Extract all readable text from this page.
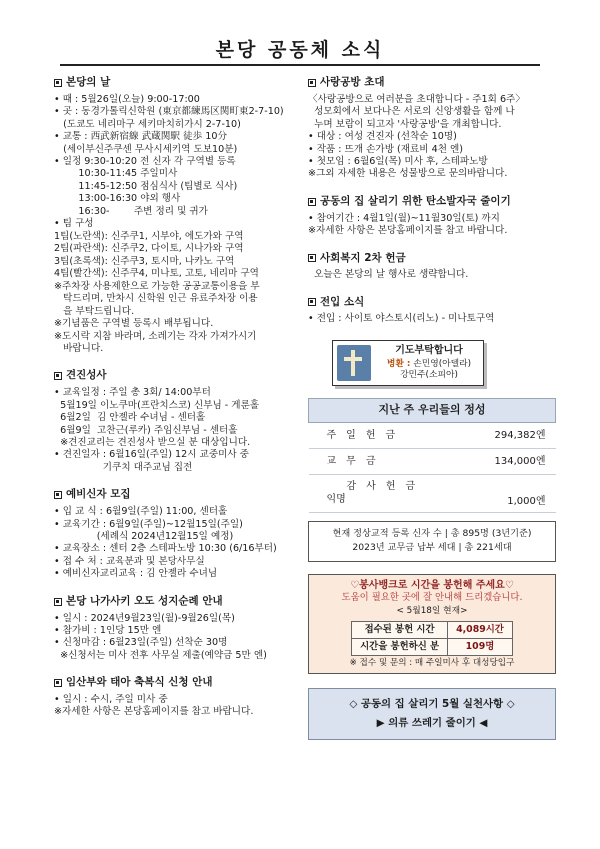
본당 공동체 소식
본당의 날
• 때 : 5월26일(오늘) 9:00-17:00
• 곳 : 동경가톨릭신학원 (東京都練馬区関町東2-7-10)
(도쿄도 네리마구 세키마치히가시 2-7-10)
• 교통 : 西武新宿線 武蔵関駅 徒歩 10分
(세이부신주쿠센 무사시세키역 도보10분)
• 일정 9:30-10:20 전 신자 각 구역별 등록
10:30-11:45 주일미사
11:45-12:50 점심식사 (팀별로 식사)
13:00-16:30 야외 행사
16:30-        주변 정리 및 귀가
• 팀 구성
1팀(노란색): 신주쿠1, 시부야, 에도가와 구역
2팀(파란색): 신주쿠2, 다이토, 시나가와 구역
3팀(초록색): 신주쿠3, 토시마, 나카노 구역
4팀(빨간색): 신주쿠4, 미나토, 고토, 네리마 구역
※주차장 사용제한으로 가능한 공공교통이용을 부
탁드리며, 만차시 신학원 인근 유료주차장 이용
을 부탁드립니다.
※기념품은 구역별 등록시 배부됩니다.
※도시락 지참 바라며, 소레기는 각자 가져가시기
바랍니다.
견진성사
• 교육일정 : 주일 총 3회/ 14:00부터
5월19일 이노쿠마(프란치스코) 신부님 - 게룬홀
6월2일  김 안젤라 수녀님 - 센터홀
6월9일  고찬근(루카) 주임신부님 - 센터홀
※견진교리는 견진성사 받으실 분 대상입니다.
• 견진일자 : 6월16일(주일) 12시 교중미사 중
기쿠치 대주교님 집전
예비신자 모집
• 입 교 식 : 6월9일(주일) 11:00, 센터홀
• 교육기간 : 6월9일(주일)~12월15일(주일)
(세례식 2024년12월15일 예정)
• 교육장소 : 센터 2층 스테파노방 10:30 (6/16부터)
• 접 수 처 : 교육분과 및 본당사무실
• 예비신자교리교육 : 김 안젤라 수녀님
본당 나가사키 오도 성지순례 안내
• 일시 : 2024년9월23일(월)-9월26일(목)
• 참가비 : 1인당 15만 엔
• 신청마감 : 6월23일(주일) 선착순 30명
※신청서는 미사 전후 사무실 제출(예약금 5만 엔)
임산부와 태아 축복식 신청 안내
• 일시 : 수시, 주일 미사 중
※자세한 사항은 본당홈페이지를 참고 바랍니다.
사랑공방 초대
〈사랑공방으로 여러분을 초대합니다 - 주1회 6주〉
성모회에서 보다나은 서로의 신앙생활을 함께 나
누며 보람이 되고자 '사랑공방'을 개최합니다.
• 대상 : 여성 견진자 (선착순 10명)
• 작품 : 뜨개 손가방 (재료비 4천 엔)
• 첫모임 : 6월6일(목) 미사 후, 스테파노방
※그외 자세한 내용은 성물방으로 문의바랍니다.
공동의 집 살리기 위한 탄소발자국 줄이기
• 참여기간 : 4월1일(월)~11월30일(토) 까지
※자세한 사항은 본당홈페이지를 참고 바랍니다.
사회복지 2차 헌금
오늘은 본당의 날 행사로 생략합니다.
전입 소식
• 전입 : 사이토 야스토시(리노) - 미나토구역
기도부탁합니다
병환 : 손민영(아델라)
강민주(소피아)
지난 주 우리들의 정성	
주일헌금	294,382엔
교무금	134,000엔

감사헌금
익명	1,000엔
현재 정상교적 등록 신자 수 | 총 895명 (3년기준)
2023년 교무금 납부 세대 | 총 221세대
♡봉사뱅크로 시간을 봉헌해 주세요♡
도움이 필요한 곳에 잘 안내해 드리겠습니다.
< 5월18일 현재>
접수된 봉헌 시간	4,089시간
시간을 봉헌하신 분	109명
※ 접수 및 문의 : 매 주일미사 후 대성당입구
◇ 공동의 집 살리기 5월 실천사항 ◇
▶ 의류 쓰레기 줄이기 ◀
